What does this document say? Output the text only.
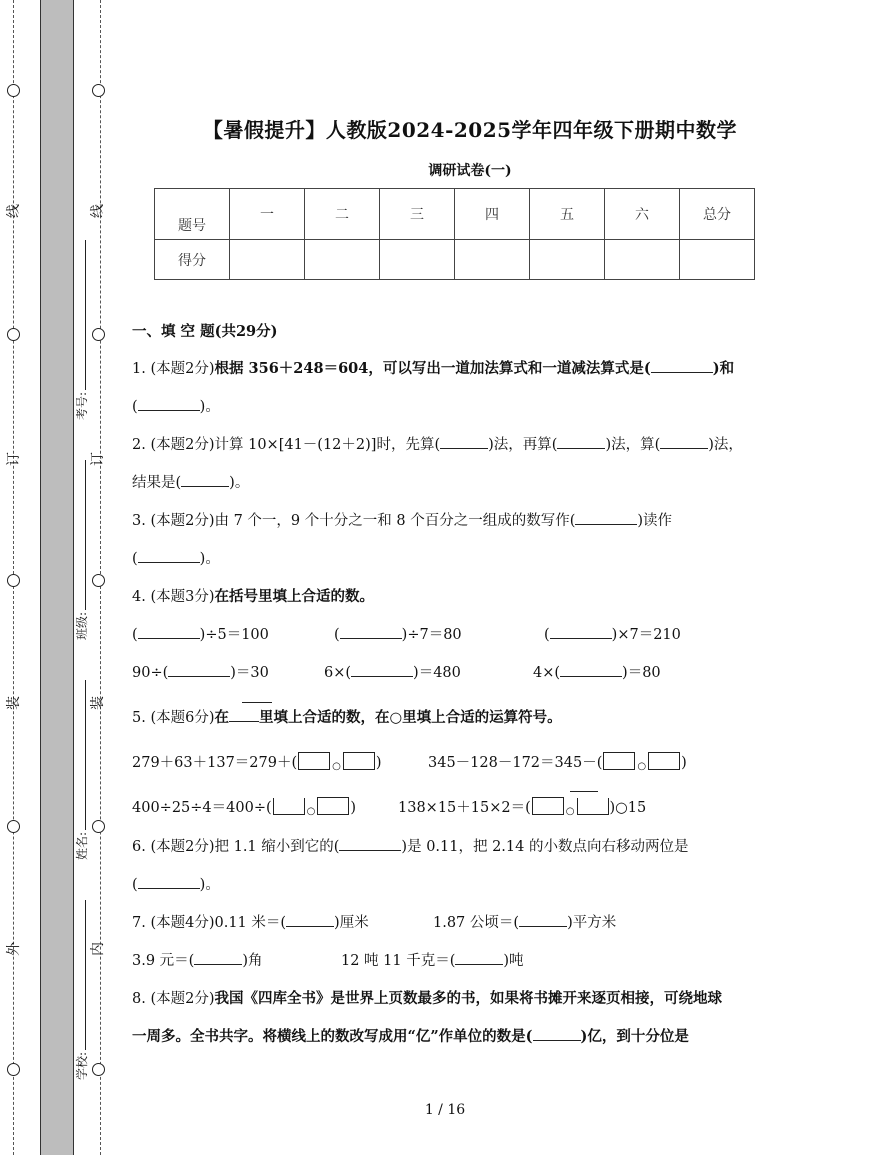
线
订
装
外
线
订
装
内
考号:
班级:
姓名:
学校:
【暑假提升】人教版2024-2025学年四年级下册期中数学
调研试卷(一)
题号	一	二	三	四	五	六	总分
得分							
一、填 空 题(共29分)
1. (本题2分)根据 356＋248＝604，可以写出一道加法算式和一道减法算式是(	)和
(	)。
2. (本题2分)计算 10×[41－(12＋2)]时，先算(	)法，再算(	)法，算(	)法，
结果是(	)。
3. (本题2分)由 7 个一，9 个十分之一和 8 个百分之一组成的数写作(	)读作
(	)。
4. (本题3分)在括号里填上合适的数。
(	)÷5＝100	(	)÷7＝80	(	)×7＝210
90÷(	)＝30	6×(	)＝480	4×(	)＝80
5. (本题6分)在 里填上合适的数，在○里填上合适的运算符号。
279＋63＋137＝279＋(	○ )	345－128－172＝345－(	○ )
400÷25÷4＝400÷(	○ )	138×15＋15×2＝(	○ )○15
6. (本题2分)把 1.1 缩小到它的(	)是 0.11，把 2.14 的小数点向右移动两位是
(	)。
7. (本题4分)0.11 米＝(	)厘米	1.87 公顷＝(	)平方米
3.9 元＝(	)角	12 吨 11 千克＝(	)吨
8. (本题2分)我国《四库全书》是世界上页数最多的书，如果将书摊开来逐页相接，可绕地球
一周多。全书共字。将横线上的数改写成用“亿”作单位的数是(	)亿，到十分位是
1 / 16
